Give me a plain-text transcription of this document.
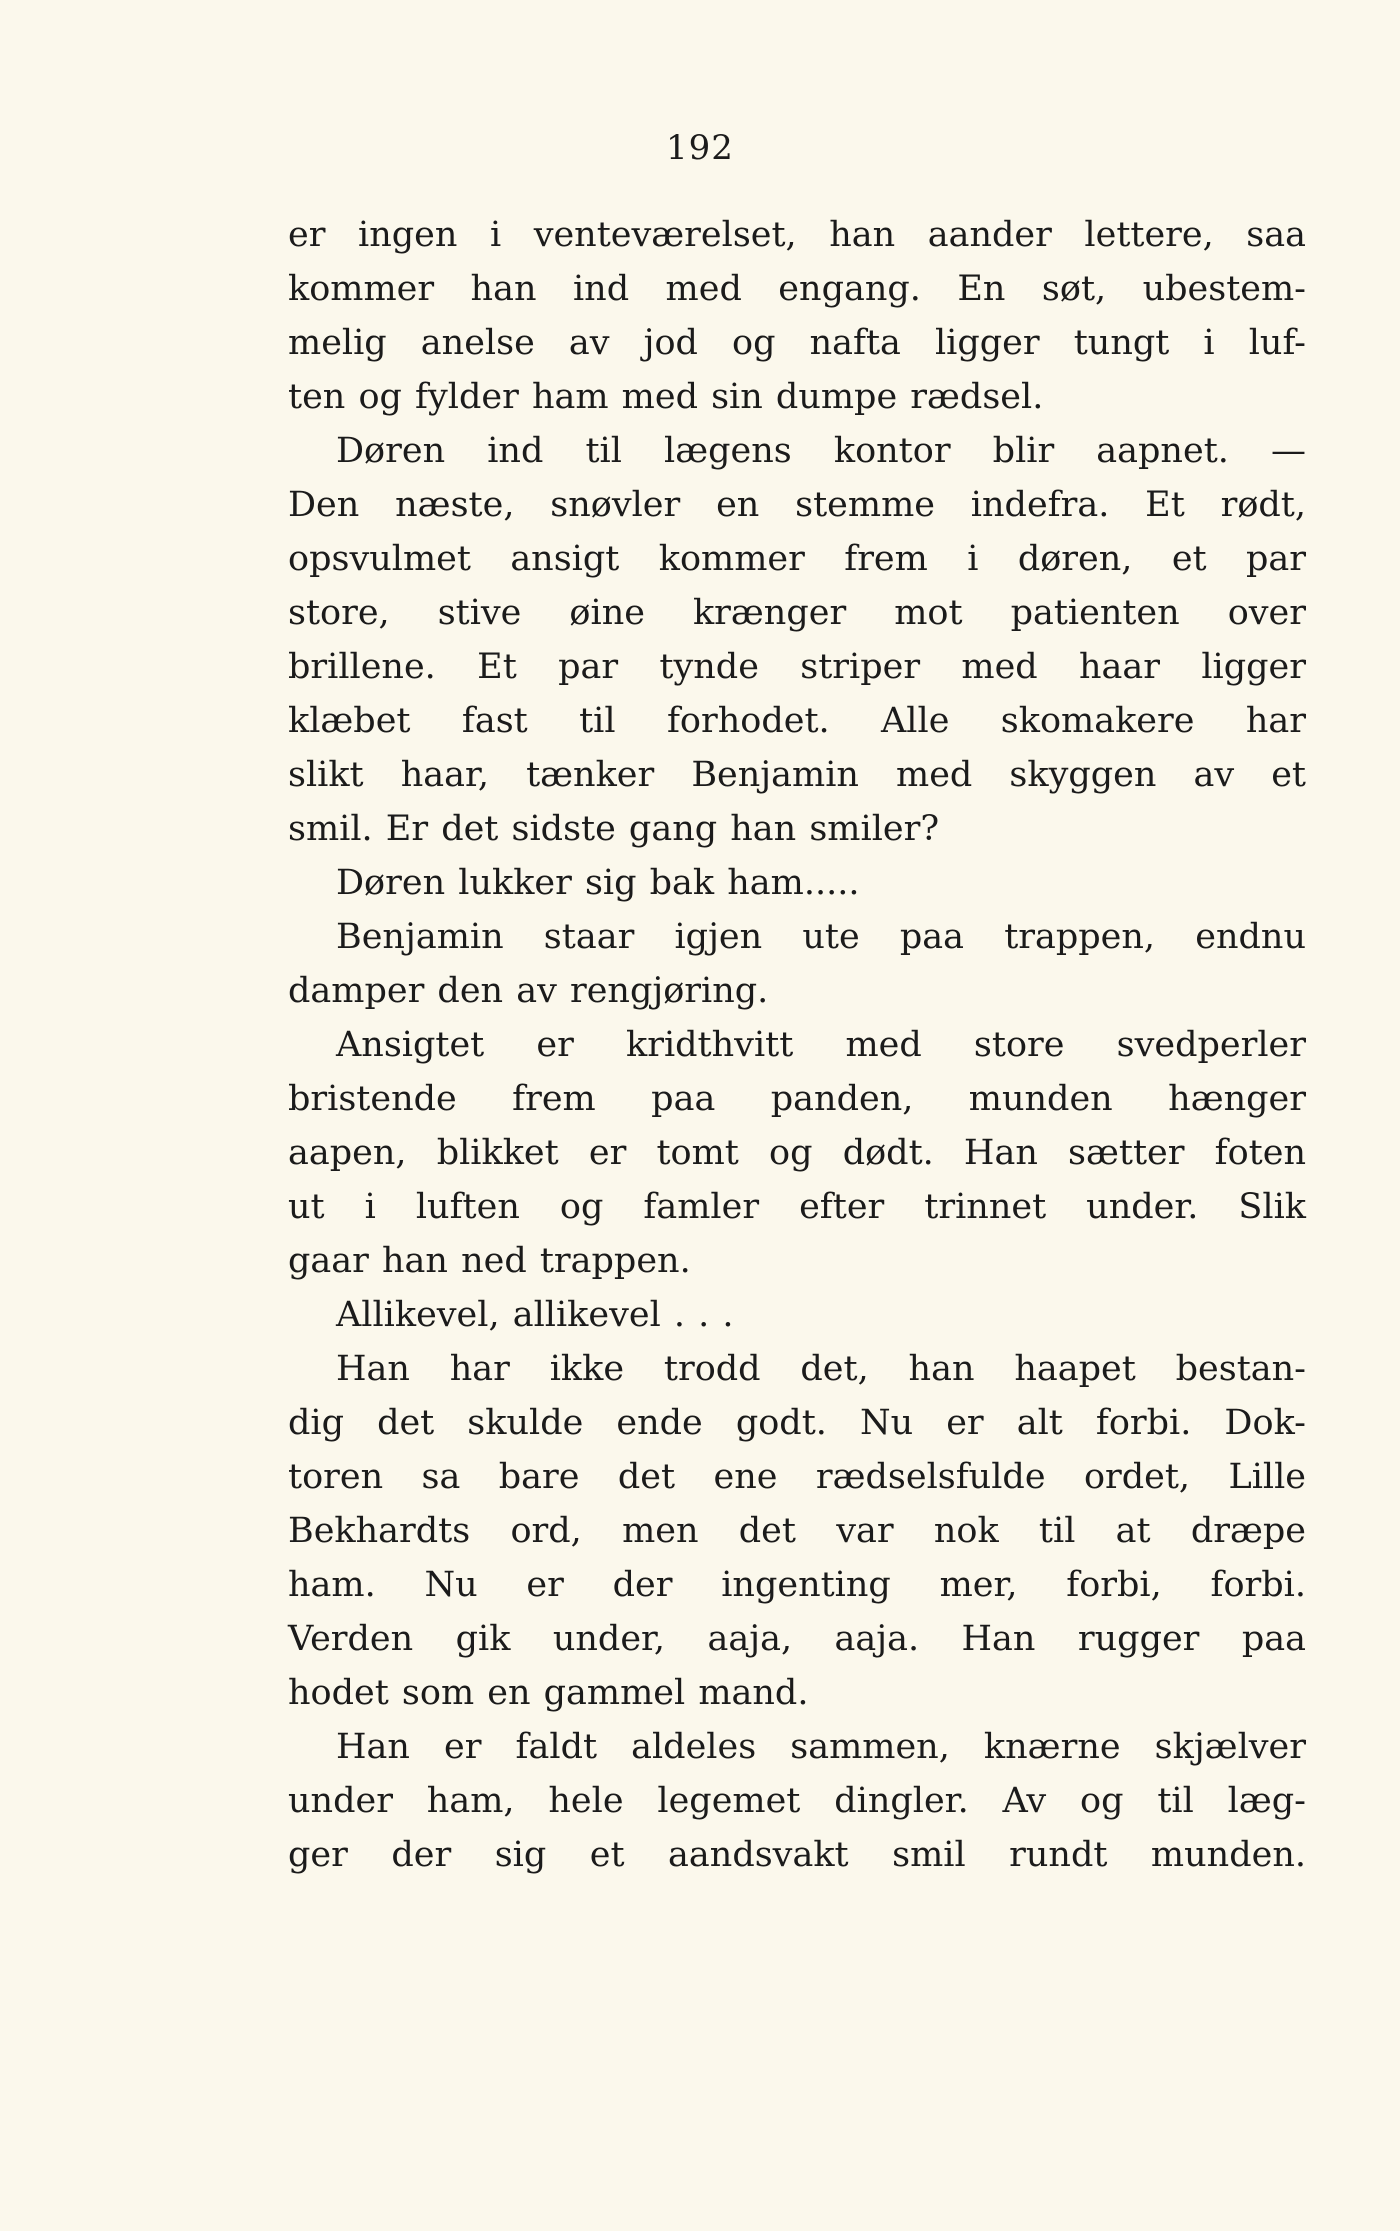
192
er ingen i venteværelset, han aander lettere, saa
kommer han ind med engang. En søt, ubestem-
melig anelse av jod og nafta ligger tungt i luf-
ten og fylder ham med sin dumpe rædsel.
Døren ind til lægens kontor blir aapnet. —
Den næste, snøvler en stemme indefra. Et rødt,
opsvulmet ansigt kommer frem i døren, et par
store, stive øine krænger mot patienten over
brillene. Et par tynde striper med haar ligger
klæbet fast til forhodet. Alle skomakere har
slikt haar, tænker Benjamin med skyggen av et
smil. Er det sidste gang han smiler?
Døren lukker sig bak ham.....
Benjamin staar igjen ute paa trappen, endnu
damper den av rengjøring.
Ansigtet er kridthvitt med store svedperler
bristende frem paa panden, munden hænger
aapen, blikket er tomt og dødt. Han sætter foten
ut i luften og famler efter trinnet under. Slik
gaar han ned trappen.
Allikevel, allikevel . . .
Han har ikke trodd det, han haapet bestan-
dig det skulde ende godt. Nu er alt forbi. Dok-
toren sa bare det ene rædselsfulde ordet, Lille
Bekhardts ord, men det var nok til at dræpe
ham. Nu er der ingenting mer, forbi, forbi.
Verden gik under, aaja, aaja. Han rugger paa
hodet som en gammel mand.
Han er faldt aldeles sammen, knærne skjælver
under ham, hele legemet dingler. Av og til læg-
ger der sig et aandsvakt smil rundt munden.
